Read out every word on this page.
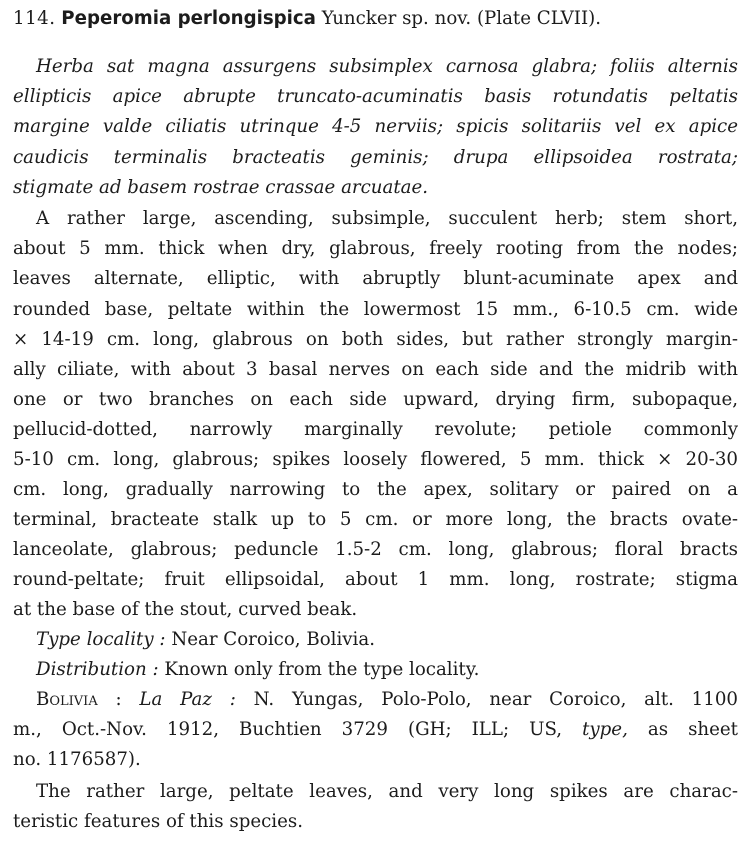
114. Peperomia perlongispica Yuncker sp. nov. (Plate CLVII).
Herba sat magna assurgens subsimplex carnosa glabra; foliis alternis
ellipticis apice abrupte truncato-acuminatis basis rotundatis peltatis
margine valde ciliatis utrinque 4-5 nerviis; spicis solitariis vel ex apice
caudicis terminalis bracteatis geminis; drupa ellipsoidea rostrata;
stigmate ad basem rostrae crassae arcuatae.
A rather large, ascending, subsimple, succulent herb; stem short,
about 5 mm. thick when dry, glabrous, freely rooting from the nodes;
leaves alternate, elliptic, with abruptly blunt-acuminate apex and
rounded base, peltate within the lowermost 15 mm., 6-10.5 cm. wide
× 14-19 cm. long, glabrous on both sides, but rather strongly margin-
ally ciliate, with about 3 basal nerves on each side and the midrib with
one or two branches on each side upward, drying firm, subopaque,
pellucid-dotted, narrowly marginally revolute; petiole commonly
5-10 cm. long, glabrous; spikes loosely flowered, 5 mm. thick × 20-30
cm. long, gradually narrowing to the apex, solitary or paired on a
terminal, bracteate stalk up to 5 cm. or more long, the bracts ovate-
lanceolate, glabrous; peduncle 1.5-2 cm. long, glabrous; floral bracts
round-peltate; fruit ellipsoidal, about 1 mm. long, rostrate; stigma
at the base of the stout, curved beak.
Type locality : Near Coroico, Bolivia.
Distribution : Known only from the type locality.
Bolivia : La Paz : N. Yungas, Polo-Polo, near Coroico, alt. 1100
m., Oct.-Nov. 1912, Buchtien 3729 (GH; ILL; US, type, as sheet
no. 1176587).
The rather large, peltate leaves, and very long spikes are charac-
teristic features of this species.
